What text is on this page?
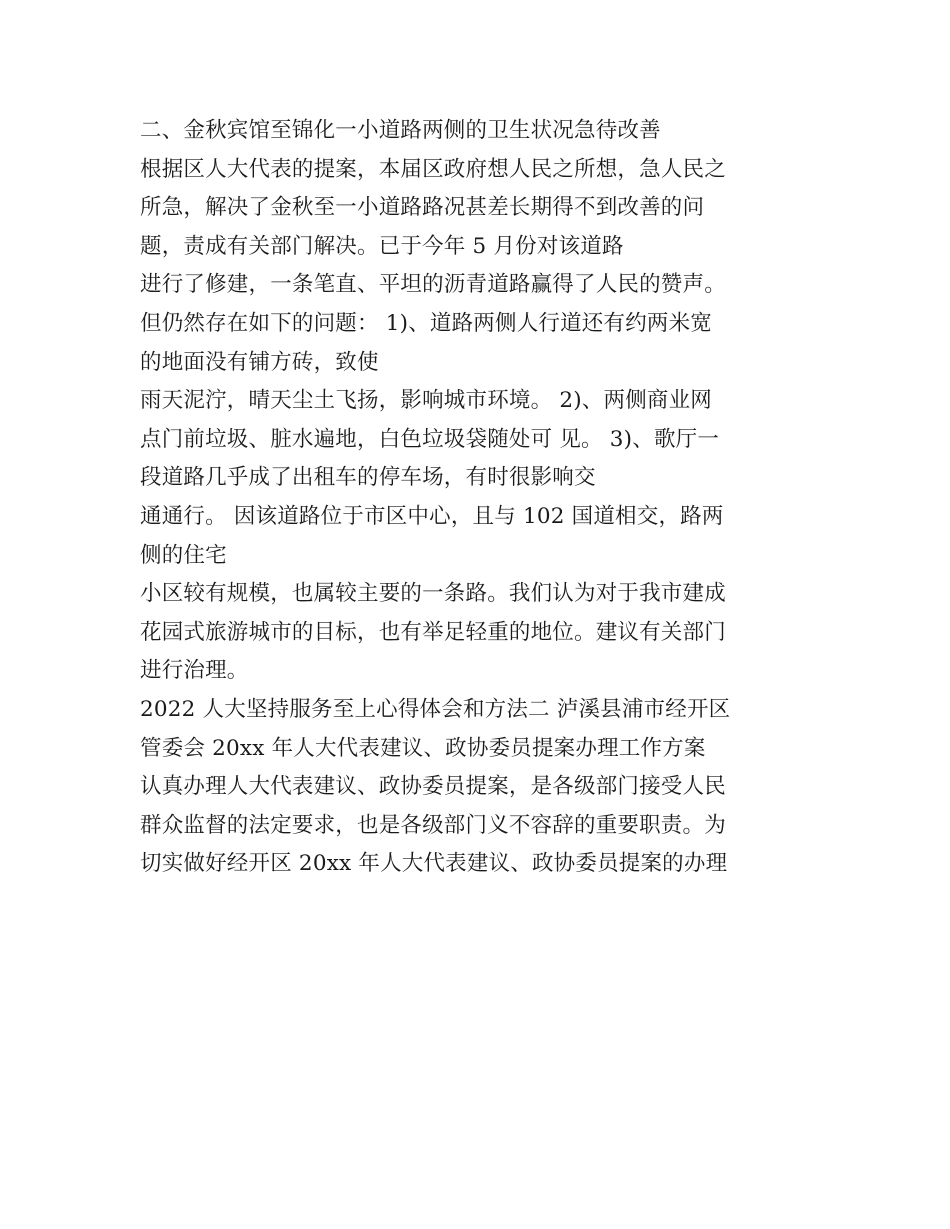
二、金秋宾馆至锦化一小道路两侧的卫生状况急待改善
根据区人大代表的提案，本届区政府想人民之所想，急人民之
所急，解决了金秋至一小道路路况甚差长期得不到改善的问
题，责成有关部门解决。已于今年 5 月份对该道路
进行了修建，一条笔直、平坦的沥青道路赢得了人民的赞声。
但仍然存在如下的问题： 1)、道路两侧人行道还有约两米宽
的地面没有铺方砖，致使
雨天泥泞，晴天尘土飞扬，影响城市环境。 2)、两侧商业网
点门前垃圾、脏水遍地，白色垃圾袋随处可 见。 3)、歌厅一
段道路几乎成了出租车的停车场，有时很影响交
通通行。 因该道路位于市区中心，且与 102 国道相交，路两
侧的住宅
小区较有规模，也属较主要的一条路。我们认为对于我市建成
花园式旅游城市的目标，也有举足轻重的地位。建议有关部门
进行治理。
2022 人大坚持服务至上心得体会和方法二 泸溪县浦市经开区
管委会 20xx 年人大代表建议、政协委员提案办理工作方案
认真办理人大代表建议、政协委员提案，是各级部门接受人民
群众监督的法定要求，也是各级部门义不容辞的重要职责。为
切实做好经开区 20xx 年人大代表建议、政协委员提案的办理
